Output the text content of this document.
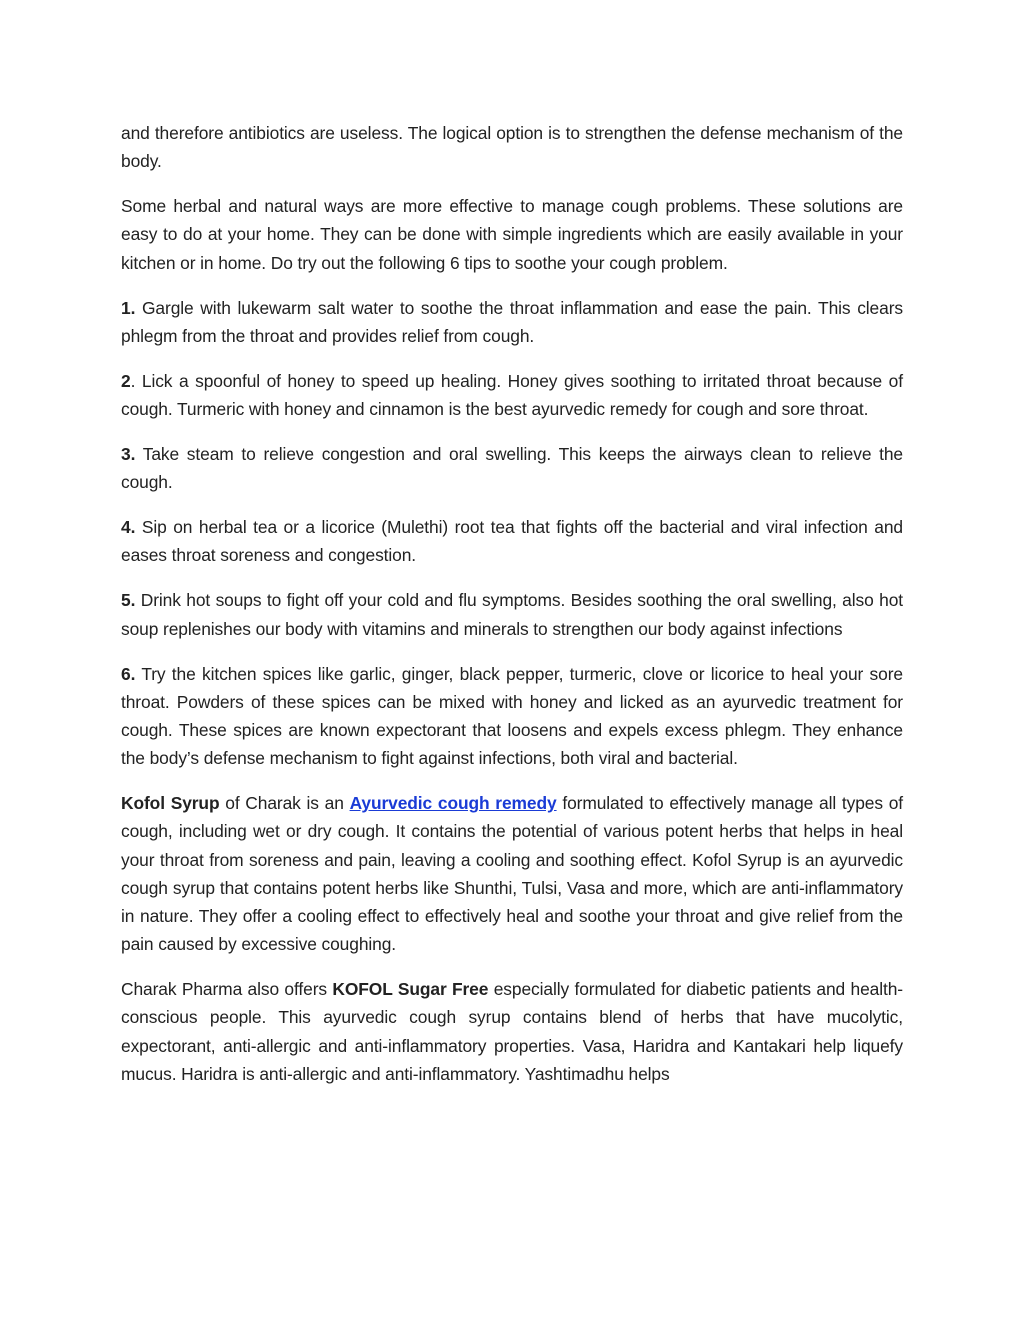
and therefore antibiotics are useless. The logical option is to strengthen the defense mechanism of the body.

Some herbal and natural ways are more effective to manage cough problems. These solutions are easy to do at your home. They can be done with simple ingredients which are easily available in your kitchen or in home. Do try out the following 6 tips to soothe your cough problem.

1. Gargle with lukewarm salt water to soothe the throat inflammation and ease the pain. This clears phlegm from the throat and provides relief from cough.

2. Lick a spoonful of honey to speed up healing. Honey gives soothing to irritated throat because of cough. Turmeric with honey and cinnamon is the best ayurvedic remedy for cough and sore throat.

3. Take steam to relieve congestion and oral swelling. This keeps the airways clean to relieve the cough.

4. Sip on herbal tea or a licorice (Mulethi) root tea that fights off the bacterial and viral infection and eases throat soreness and congestion.

5. Drink hot soups to fight off your cold and flu symptoms. Besides soothing the oral swelling, also hot soup replenishes our body with vitamins and minerals to strengthen our body against infections

6. Try the kitchen spices like garlic, ginger, black pepper, turmeric, clove or licorice to heal your sore throat. Powders of these spices can be mixed with honey and licked as an ayurvedic treatment for cough. These spices are known expectorant that loosens and expels excess phlegm. They enhance the body’s defense mechanism to fight against infections, both viral and bacterial.

Kofol Syrup of Charak is an Ayurvedic cough remedy formulated to effectively manage all types of cough, including wet or dry cough. It contains the potential of various potent herbs that helps in heal your throat from soreness and pain, leaving a cooling and soothing effect. Kofol Syrup is an ayurvedic cough syrup that contains potent herbs like Shunthi, Tulsi, Vasa and more, which are anti-inflammatory in nature. They offer a cooling effect to effectively heal and soothe your throat and give relief from the pain caused by excessive coughing.

Charak Pharma also offers KOFOL Sugar Free especially formulated for diabetic patients and health-conscious people. This ayurvedic cough syrup contains blend of herbs that have mucolytic, expectorant, anti-allergic and anti-inflammatory properties. Vasa, Haridra and Kantakari help liquefy mucus. Haridra is anti-allergic and anti-inflammatory. Yashtimadhu helps
